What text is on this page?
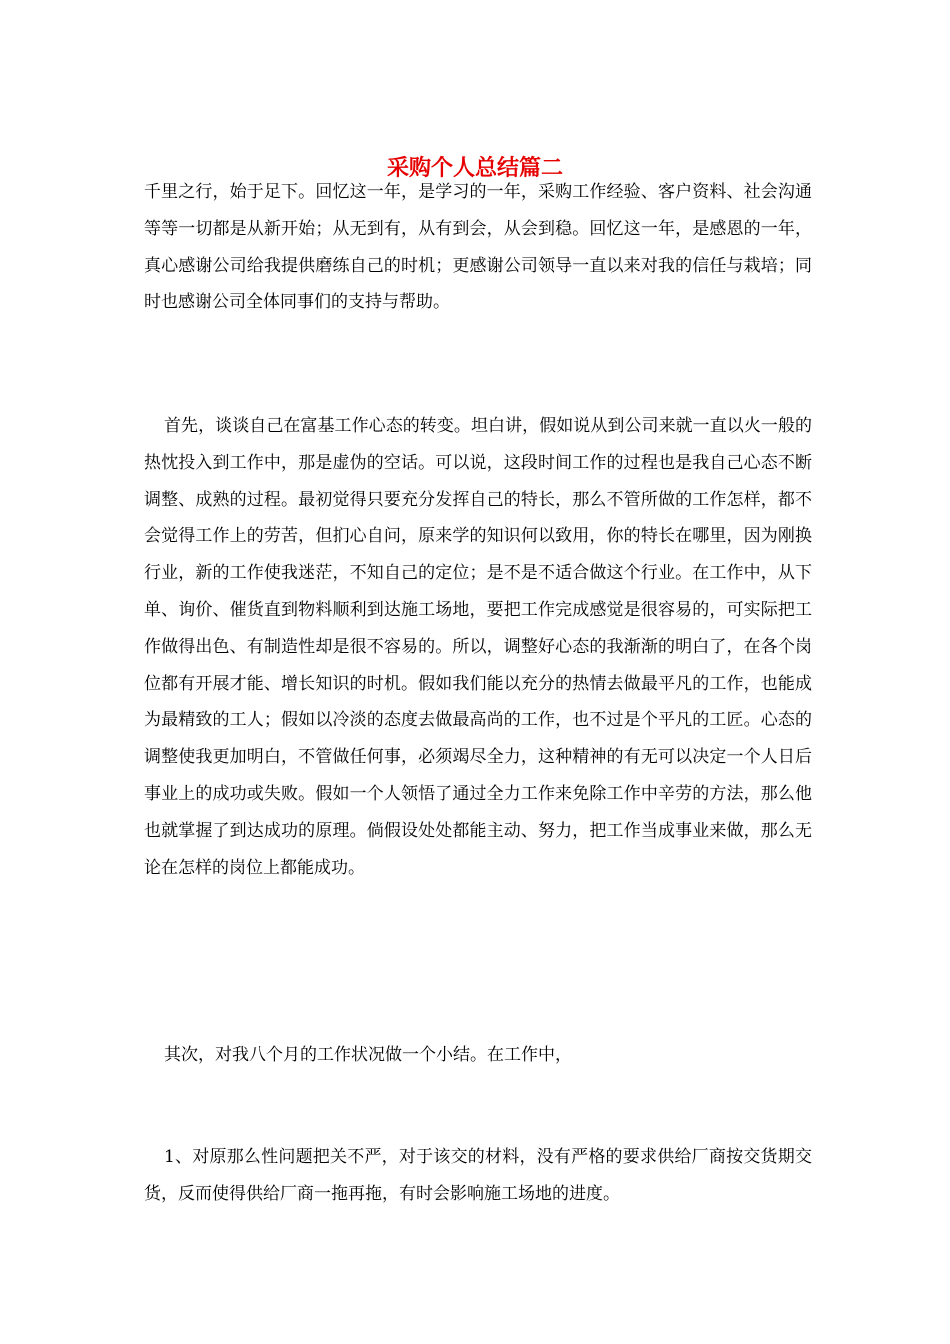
采购个人总结篇二

千里之行，始于足下。回忆这一年，是学习的一年，采购工作经验、客户资料、社会沟通等等一切都是从新开始；从无到有，从有到会，从会到稳。回忆这一年，是感恩的一年，真心感谢公司给我提供磨练自己的时机；更感谢公司领导一直以来对我的信任与栽培；同时也感谢公司全体同事们的支持与帮助。

首先，谈谈自己在富基工作心态的转变。坦白讲，假如说从到公司来就一直以火一般的热忱投入到工作中，那是虚伪的空话。可以说，这段时间工作的过程也是我自己心态不断调整、成熟的过程。最初觉得只要充分发挥自己的特长，那么不管所做的工作怎样，都不会觉得工作上的劳苦，但扪心自问，原来学的知识何以致用，你的特长在哪里，因为刚换行业，新的工作使我迷茫，不知自己的定位；是不是不适合做这个行业。在工作中，从下单、询价、催货直到物料顺利到达施工场地，要把工作完成感觉是很容易的，可实际把工作做得出色、有制造性却是很不容易的。所以，调整好心态的我渐渐的明白了，在各个岗位都有开展才能、增长知识的时机。假如我们能以充分的热情去做最平凡的工作，也能成为最精致的工人；假如以冷淡的态度去做最高尚的工作，也不过是个平凡的工匠。心态的调整使我更加明白，不管做任何事，必须竭尽全力，这种精神的有无可以决定一个人日后事业上的成功或失败。假如一个人领悟了通过全力工作来免除工作中辛劳的方法，那么他也就掌握了到达成功的原理。倘假设处处都能主动、努力，把工作当成事业来做，那么无论在怎样的岗位上都能成功。

其次，对我八个月的工作状况做一个小结。在工作中，

1、对原那么性问题把关不严，对于该交的材料，没有严格的要求供给厂商按交货期交货，反而使得供给厂商一拖再拖，有时会影响施工场地的进度。
